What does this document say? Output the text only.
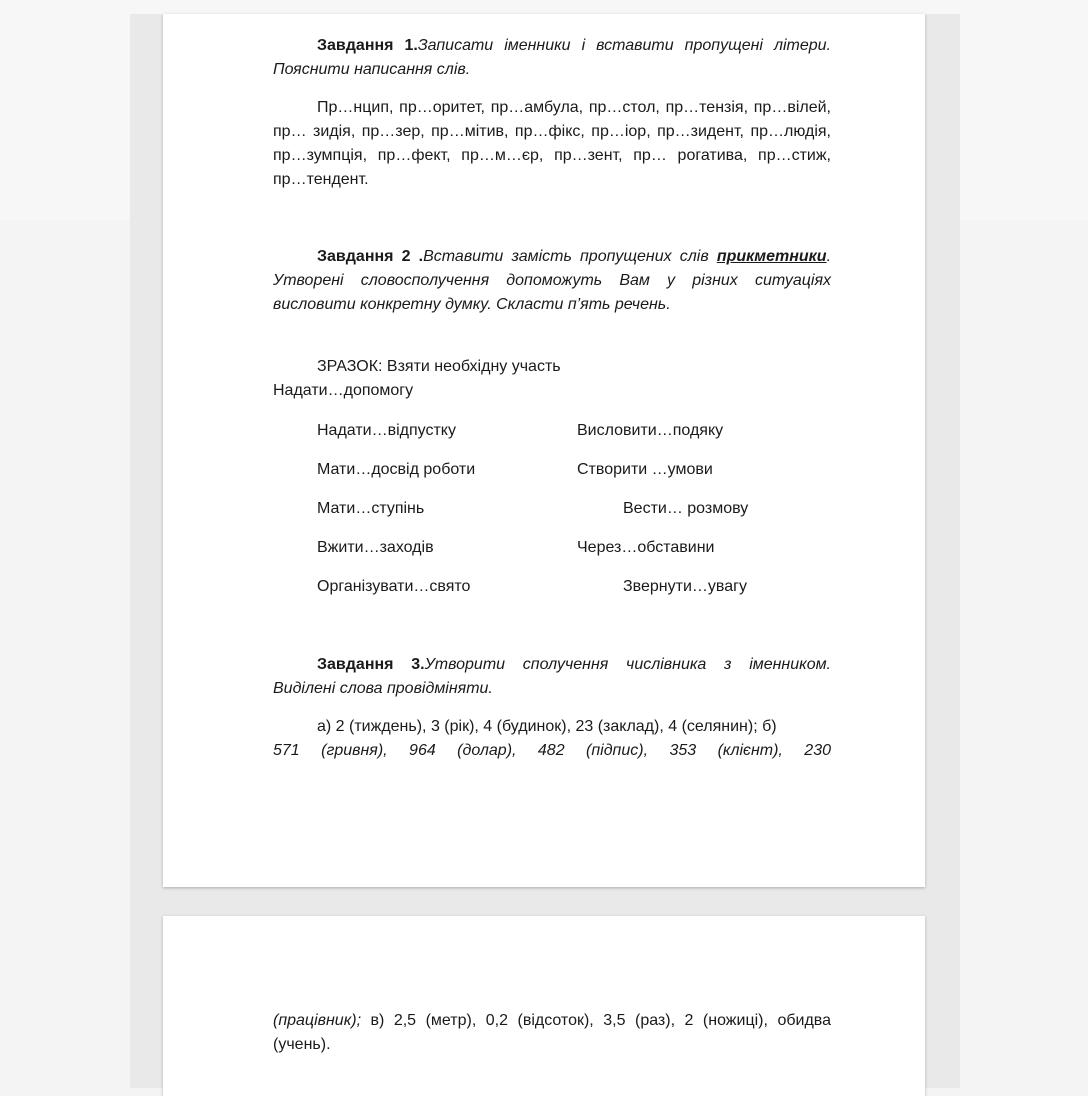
Завдання 1.Записати іменники і вставити пропущені літери. Пояснити написання слів.

Пр…нцип, пр…оритет, пр…амбула, пр…стол, пр…тензія, пр…вілей, пр… зидія, пр…зер, пр…мітив, пр…фікс, пр…іор, пр…зидент, пр…людія, пр…зумпція, пр…фект, пр…м…єр, пр…зент, пр… рогатива, пр…стиж, пр…тендент.

Завдання 2 .Вставити замість пропущених слів прикметники. Утворені словосполучення допоможуть Вам у різних ситуаціях висловити конкретну думку. Скласти п’ять речень.

ЗРАЗОК: Взяти необхідну участь

Надати…допомогу

Надати…відпустку	Висловити…подяку
Мати…досвід роботи	Створити …умови
Мати…ступінь	Вести… розмову
Вжити…заходів	Через…обставини
Організувати…свято	Звернути…увагу

Завдання 3.Утворити сполучення числівника з іменником. Виділені слова провідміняти.

а) 2 (тиждень), 3 (рік), 4 (будинок), 23 (заклад), 4 (селянин); б)

571  (гривня),  964  (долар),  482  (підпис),  353  (клієнт),  230

(працівник); в) 2,5 (метр), 0,2 (відсоток), 3,5 (раз), 2 (ножиці), обидва (учень).
